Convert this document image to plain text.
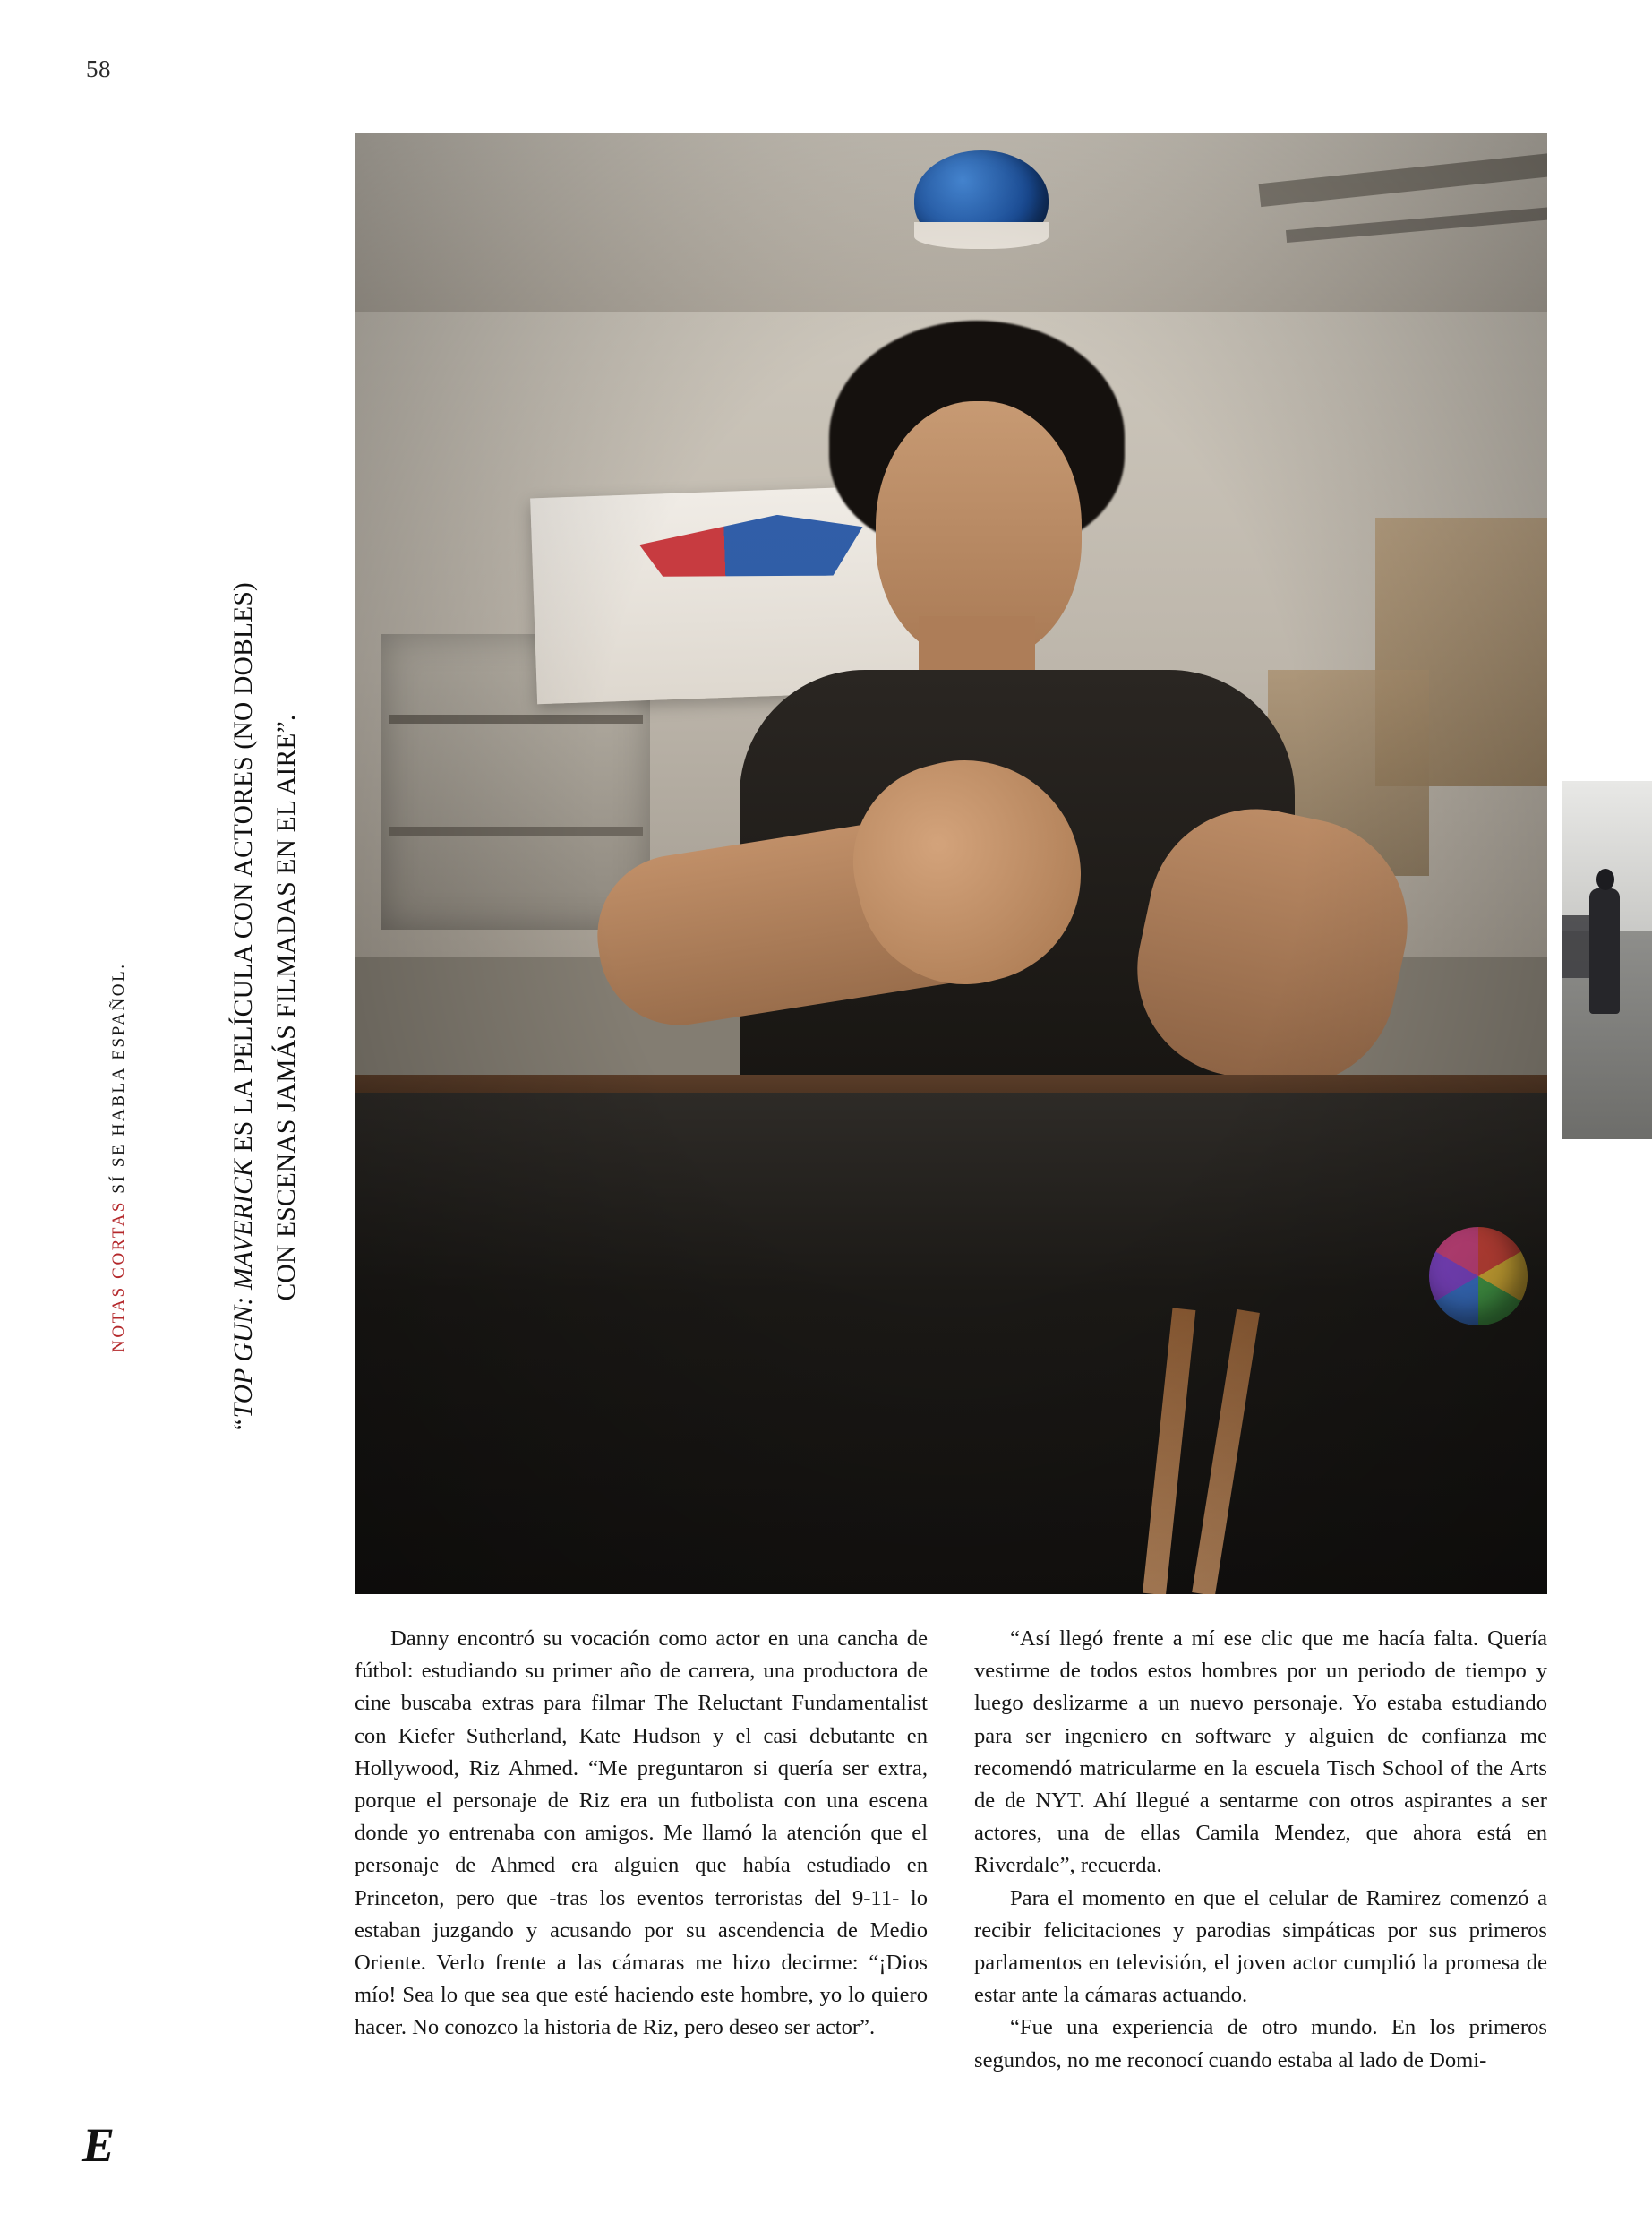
58
NOTAS CORTAS SÍ SE HABLA ESPAÑOL.
“TOP GUN: MAVERICK ES LA PELÍCULA CON ACTORES (NO DOBLES) CON ESCENAS JAMÁS FILMADAS EN EL AIRE”.

Danny encontró su vocación como actor en una cancha de fútbol: estudiando su primer año de carrera, una productora de cine buscaba extras para filmar The Reluctant Fundamentalist con Kiefer Sutherland, Kate Hudson y el casi debutante en Hollywood, Riz Ahmed. “Me preguntaron si quería ser extra, porque el personaje de Riz era un futbolista con una escena donde yo entrenaba con amigos. Me llamó la atención que el personaje de Ahmed era alguien que había estudiado en Princeton, pero que -tras los eventos terroristas del 9-11- lo estaban juzgando y acusando por su ascendencia de Medio Oriente. Verlo frente a las cámaras me hizo decirme: “¡Dios mío! Sea lo que sea que esté haciendo este hombre, yo lo quiero hacer. No conozco la historia de Riz, pero deseo ser actor”.

“Así llegó frente a mí ese clic que me hacía falta. Quería vestirme de todos estos hombres por un periodo de tiempo y luego deslizarme a un nuevo personaje. Yo estaba estudiando para ser ingeniero en software y alguien de confianza me recomendó matricularme en la escuela Tisch School of the Arts de de NYT. Ahí llegué a sentarme con otros aspirantes a ser actores, una de ellas Camila Mendez, que ahora está en Riverdale”, recuerda.

Para el momento en que el celular de Ramirez comenzó a recibir felicitaciones y parodias simpáticas por sus primeros parlamentos en televisión, el joven actor cumplió la promesa de estar ante la cámaras actuando.

“Fue una experiencia de otro mundo. En los primeros segundos, no me reconocí cuando estaba al lado de Domi-

E
